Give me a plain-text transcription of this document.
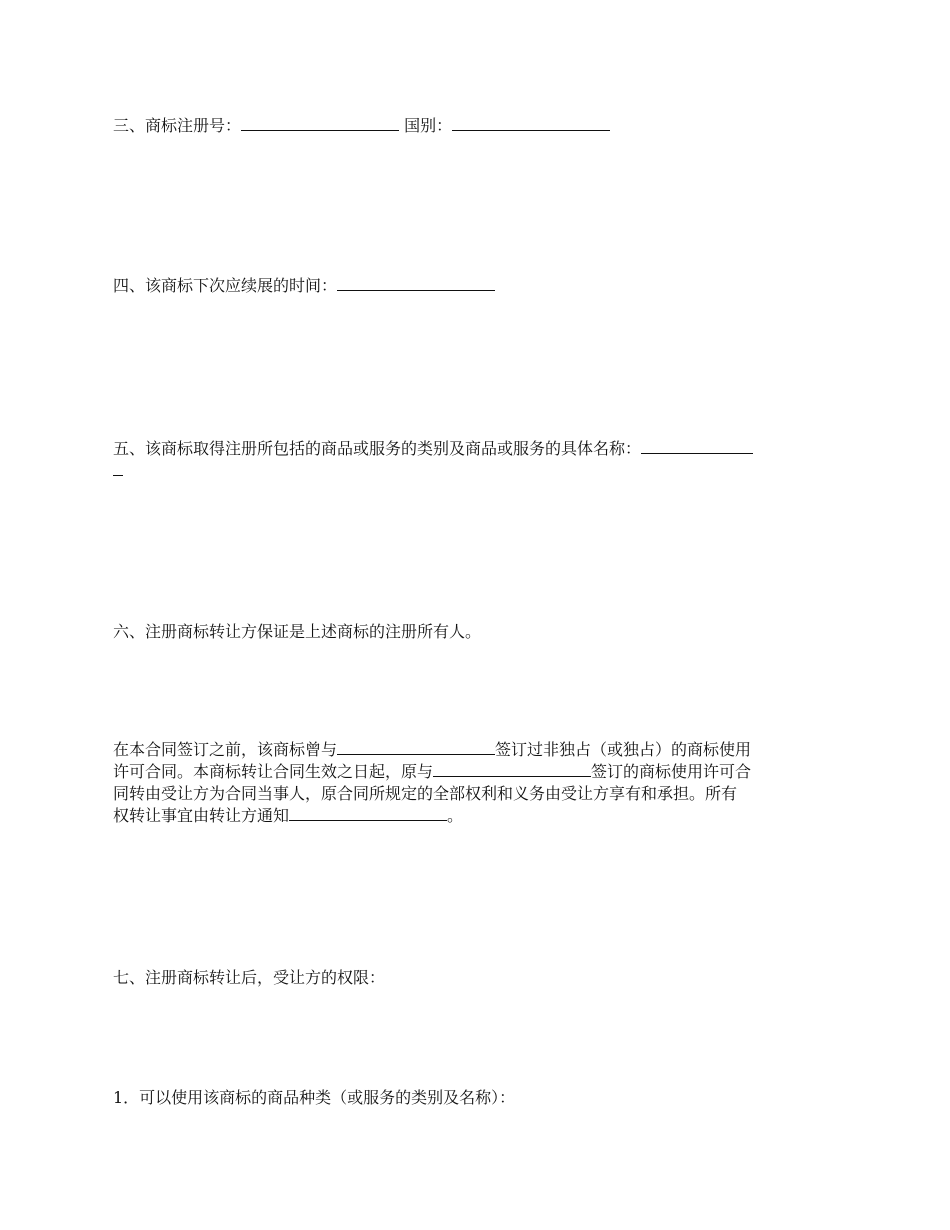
三、商标注册号：	国别：
四、该商标下次应续展的时间：
五、该商标取得注册所包括的商品或服务的类别及商品或服务的具体名称：
六、注册商标转让方保证是上述商标的注册所有人。
在本合同签订之前，该商标曾与	签订过非独占（或独占）的商标使用
许可合同。本商标转让合同生效之日起，原与	签订的商标使用许可合
同转由受让方为合同当事人，原合同所规定的全部权利和义务由受让方享有和承担。所有
权转让事宜由转让方通知	。
七、注册商标转让后，受让方的权限：
1．可以使用该商标的商品种类（或服务的类别及名称）：
